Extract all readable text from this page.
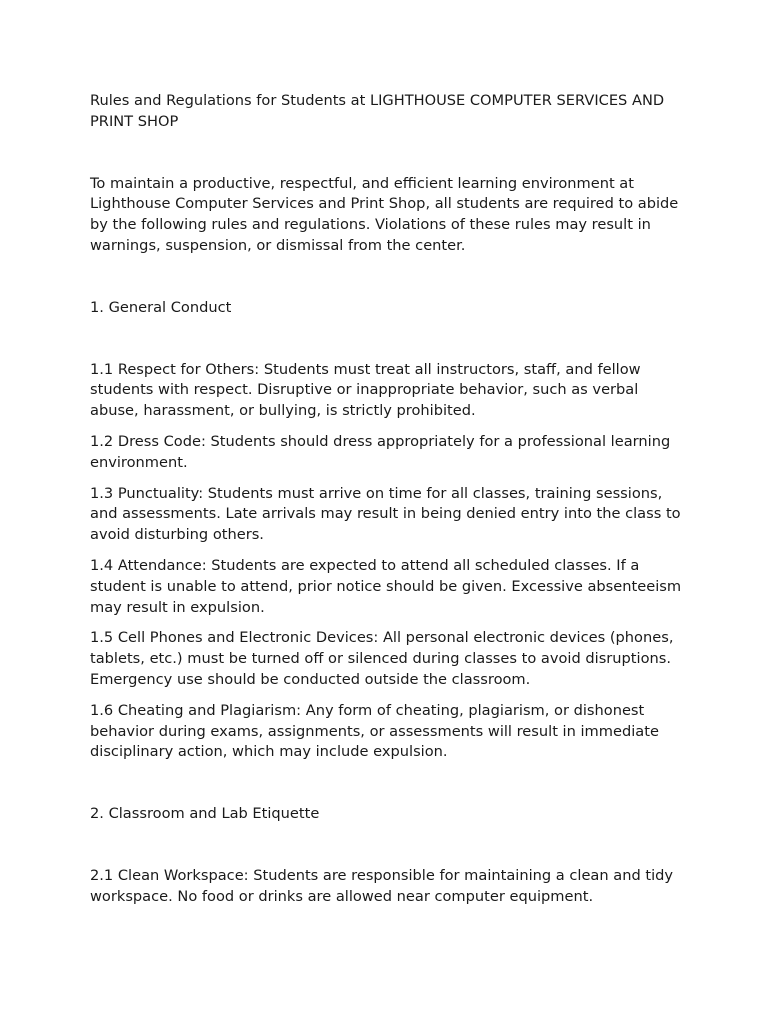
Rules and Regulations for Students at LIGHTHOUSE COMPUTER SERVICES AND PRINT SHOP

To maintain a productive, respectful, and efficient learning environment at Lighthouse Computer Services and Print Shop, all students are required to abide by the following rules and regulations. Violations of these rules may result in warnings, suspension, or dismissal from the center.

1. General Conduct

1.1 Respect for Others: Students must treat all instructors, staff, and fellow students with respect. Disruptive or inappropriate behavior, such as verbal abuse, harassment, or bullying, is strictly prohibited.

1.2 Dress Code: Students should dress appropriately for a professional learning environment.

1.3 Punctuality: Students must arrive on time for all classes, training sessions, and assessments. Late arrivals may result in being denied entry into the class to avoid disturbing others.

1.4 Attendance: Students are expected to attend all scheduled classes. If a student is unable to attend, prior notice should be given. Excessive absenteeism may result in expulsion.

1.5 Cell Phones and Electronic Devices: All personal electronic devices (phones, tablets, etc.) must be turned off or silenced during classes to avoid disruptions. Emergency use should be conducted outside the classroom.

1.6 Cheating and Plagiarism: Any form of cheating, plagiarism, or dishonest behavior during exams, assignments, or assessments will result in immediate disciplinary action, which may include expulsion.

2. Classroom and Lab Etiquette

2.1 Clean Workspace: Students are responsible for maintaining a clean and tidy workspace. No food or drinks are allowed near computer equipment.
